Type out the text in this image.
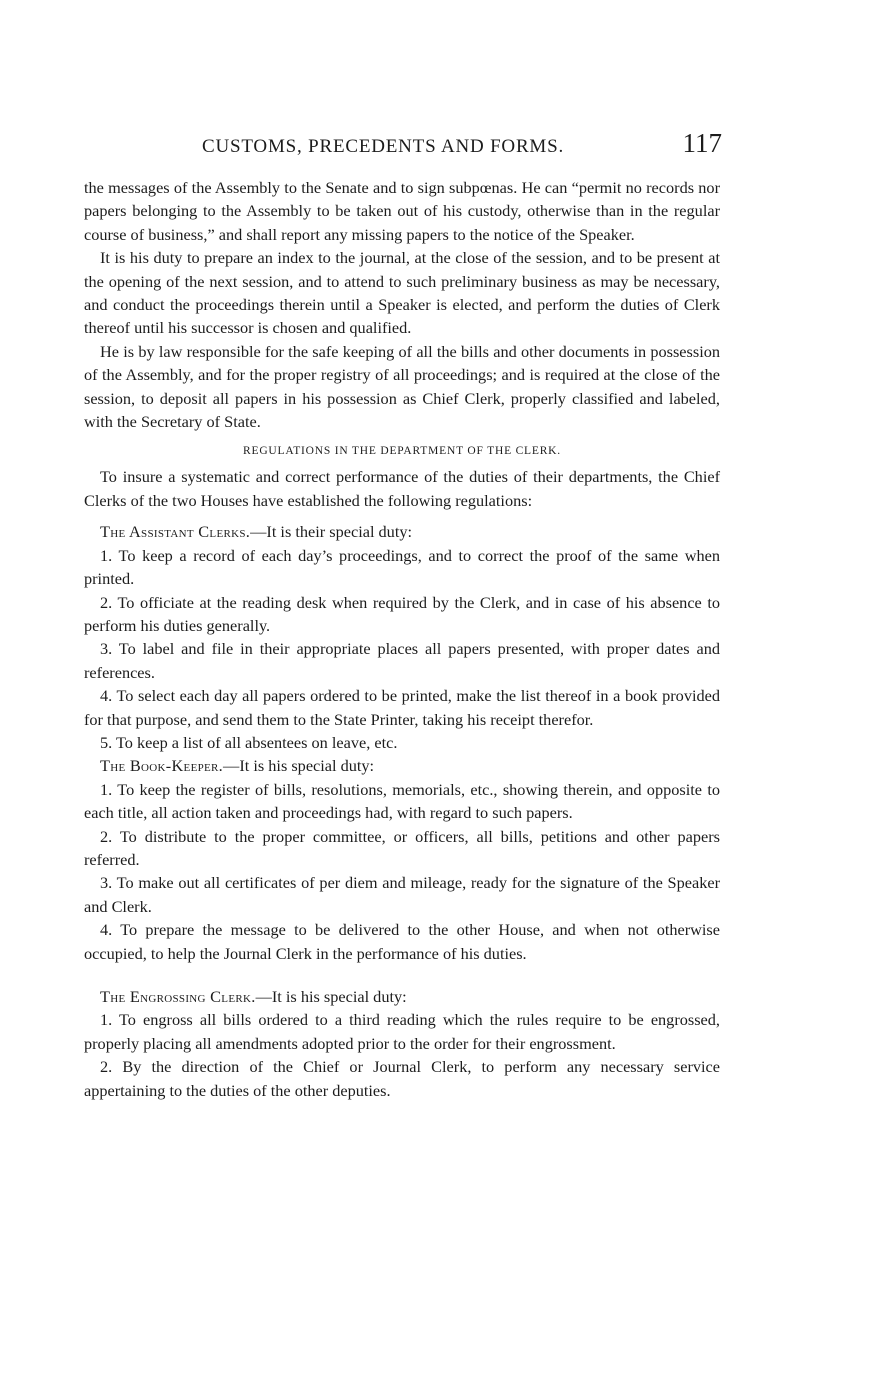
CUSTOMS, PRECEDENTS AND FORMS.	117

the messages of the Assembly to the Senate and to sign subpœnas. He can “permit no records nor papers belonging to the Assembly to be taken out of his custody, otherwise than in the regular course of business,” and shall report any missing papers to the notice of the Speaker.

It is his duty to prepare an index to the journal, at the close of the session, and to be present at the opening of the next session, and to attend to such preliminary business as may be necessary, and conduct the proceedings therein until a Speaker is elected, and perform the duties of Clerk thereof until his successor is chosen and qualified.

He is by law responsible for the safe keeping of all the bills and other documents in possession of the Assembly, and for the proper registry of all proceedings; and is required at the close of the session, to deposit all papers in his possession as Chief Clerk, properly classified and labeled, with the Secretary of State.

REGULATIONS IN THE DEPARTMENT OF THE CLERK.

To insure a systematic and correct performance of the duties of their departments, the Chief Clerks of the two Houses have established the following regulations:

The Assistant Clerks.—It is their special duty:

1. To keep a record of each day’s proceedings, and to correct the proof of the same when printed.

2. To officiate at the reading desk when required by the Clerk, and in case of his absence to perform his duties generally.

3. To label and file in their appropriate places all papers presented, with proper dates and references.

4. To select each day all papers ordered to be printed, make the list thereof in a book provided for that purpose, and send them to the State Printer, taking his receipt therefor.

5. To keep a list of all absentees on leave, etc.

The Book-Keeper.—It is his special duty:

1. To keep the register of bills, resolutions, memorials, etc., showing therein, and opposite to each title, all action taken and proceedings had, with regard to such papers.

2. To distribute to the proper committee, or officers, all bills, petitions and other papers referred.

3. To make out all certificates of per diem and mileage, ready for the signature of the Speaker and Clerk.

4. To prepare the message to be delivered to the other House, and when not otherwise occupied, to help the Journal Clerk in the performance of his duties.

The Engrossing Clerk.—It is his special duty:

1. To engross all bills ordered to a third reading which the rules require to be engrossed, properly placing all amendments adopted prior to the order for their engrossment.

2. By the direction of the Chief or Journal Clerk, to perform any necessary service appertaining to the duties of the other deputies.
